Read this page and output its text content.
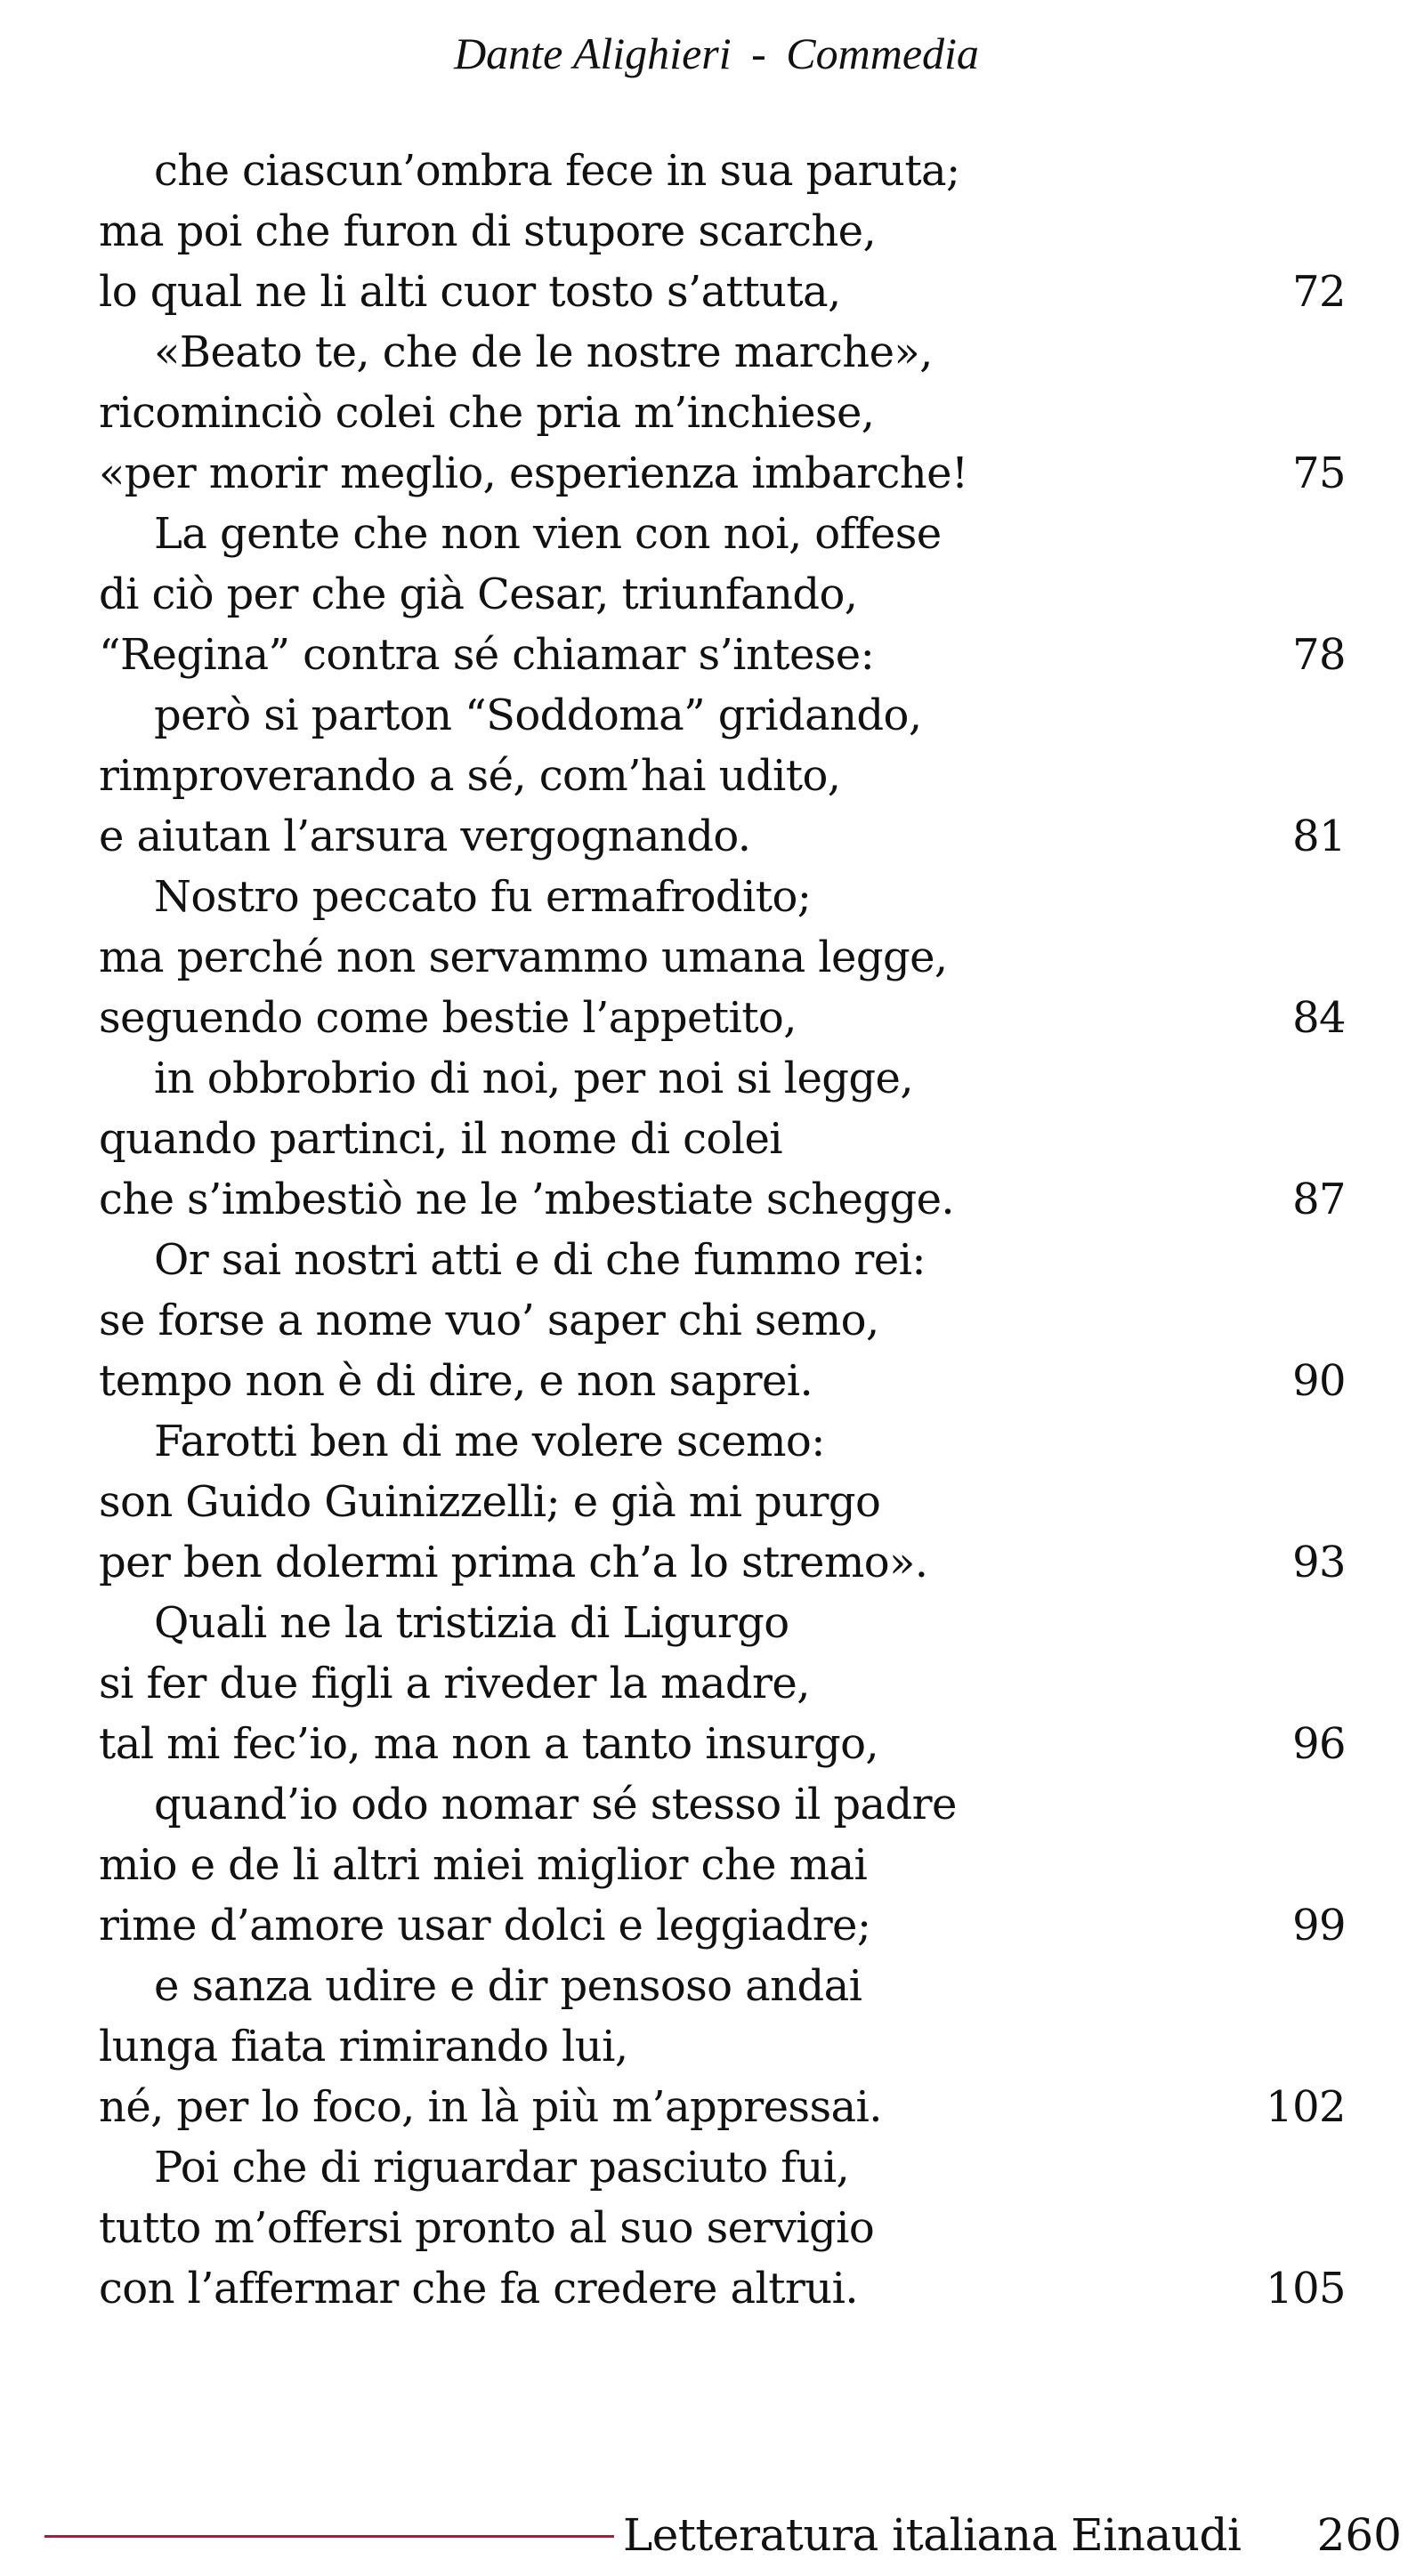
Dante Alighieri - Commedia
che ciascun’ombra fece in sua paruta;
ma poi che furon di stupore scarche,
lo qual ne li alti cuor tosto s’attuta,	72
«Beato te, che de le nostre marche»,
ricominciò colei che pria m’inchiese,
«per morir meglio, esperienza imbarche!	75
La gente che non vien con noi, offese
di ciò per che già Cesar, triunfando,
“Regina” contra sé chiamar s’intese:	78
però si parton “Soddoma” gridando,
rimproverando a sé, com’hai udito,
e aiutan l’arsura vergognando.	81
Nostro peccato fu ermafrodito;
ma perché non servammo umana legge,
seguendo come bestie l’appetito,	84
in obbrobrio di noi, per noi si legge,
quando partinci, il nome di colei
che s’imbestiò ne le ’mbestiate schegge.	87
Or sai nostri atti e di che fummo rei:
se forse a nome vuo’ saper chi semo,
tempo non è di dire, e non saprei.	90
Farotti ben di me volere scemo:
son Guido Guinizzelli; e già mi purgo
per ben dolermi prima ch’a lo stremo».	93
Quali ne la tristizia di Ligurgo
si fer due figli a riveder la madre,
tal mi fec’io, ma non a tanto insurgo,	96
quand’io odo nomar sé stesso il padre
mio e de li altri miei miglior che mai
rime d’amore usar dolci e leggiadre;	99
e sanza udire e dir pensoso andai
lunga fiata rimirando lui,
né, per lo foco, in là più m’appressai.	102
Poi che di riguardar pasciuto fui,
tutto m’offersi pronto al suo servigio
con l’affermar che fa credere altrui.	105
Letteratura italiana Einaudi 260
